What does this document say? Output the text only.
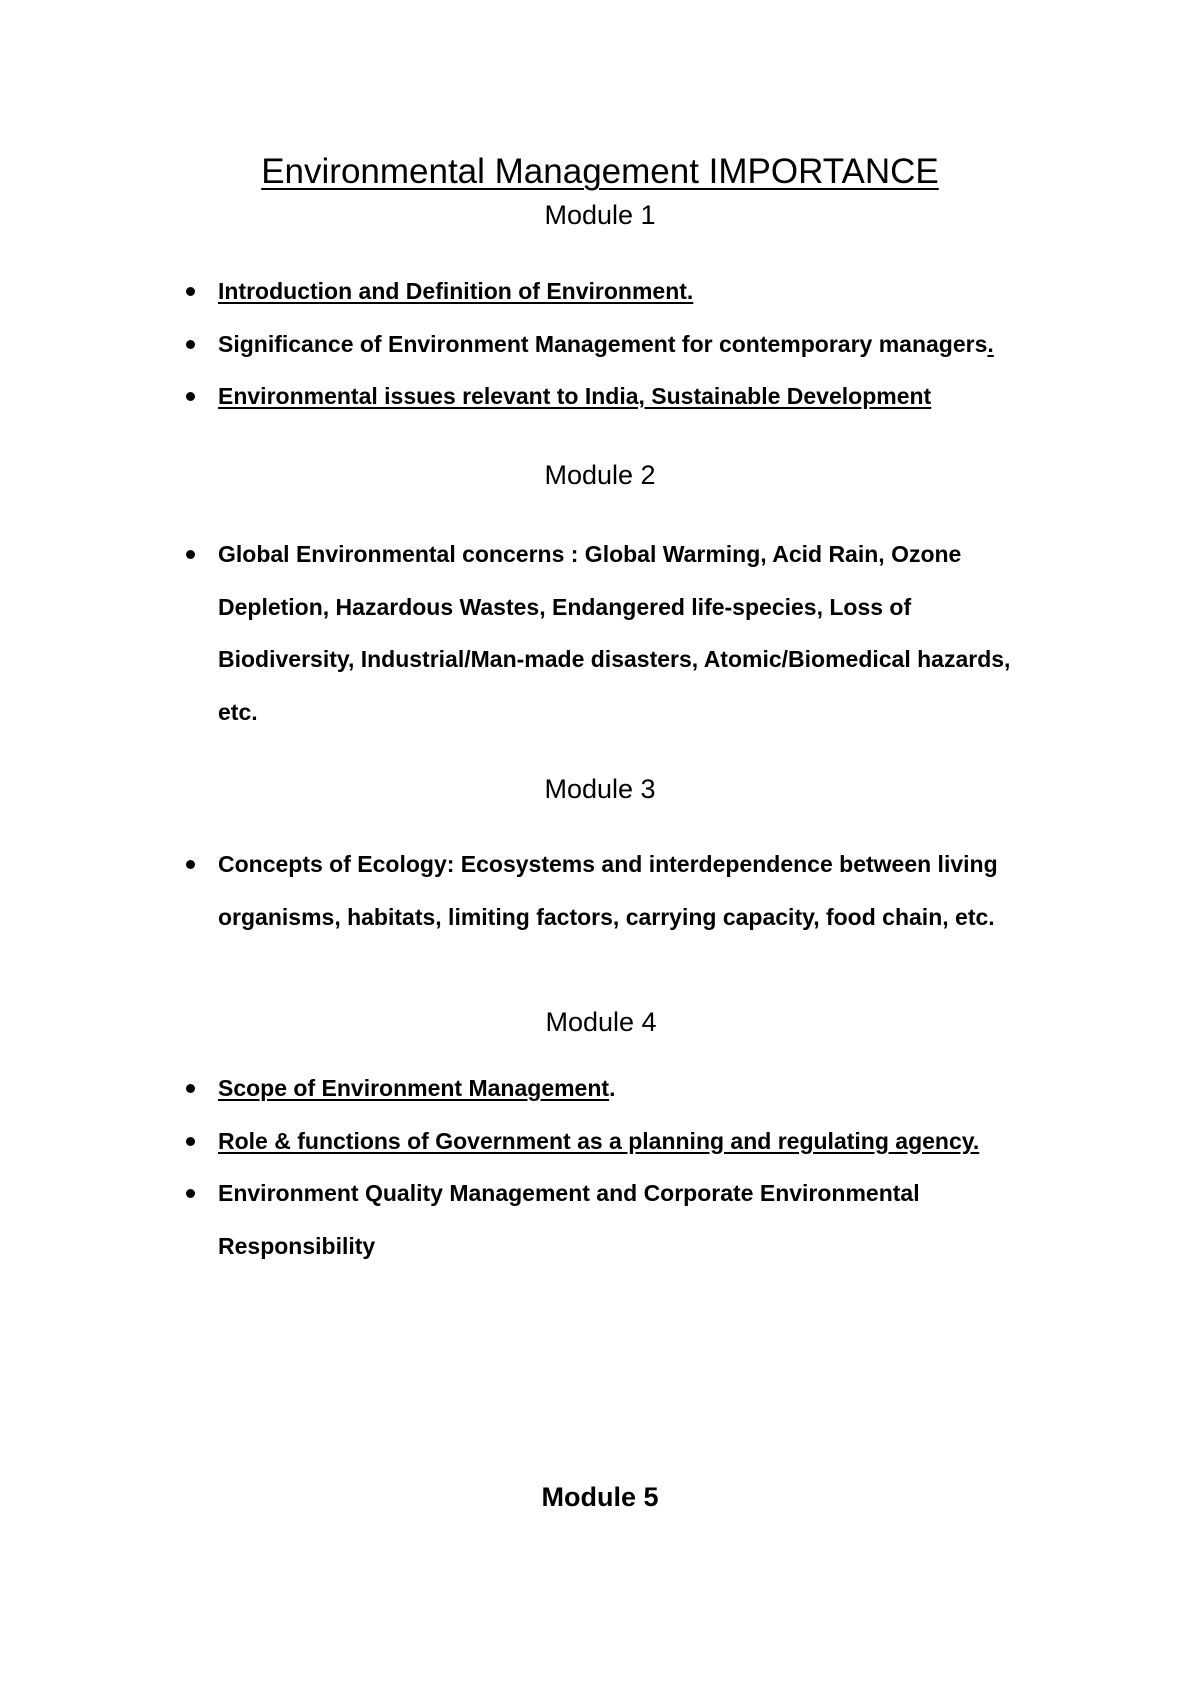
Environmental Management IMPORTANCE
Module 1
Introduction and Definition of Environment.
Significance of Environment Management for contemporary managers.
Environmental issues relevant to India, Sustainable Development
Module 2
Global Environmental concerns : Global Warming, Acid Rain, Ozone Depletion, Hazardous Wastes, Endangered life-species, Loss of Biodiversity, Industrial/Man-made disasters, Atomic/Biomedical hazards, etc.
Module 3
Concepts of Ecology: Ecosystems and interdependence between living organisms, habitats, limiting factors, carrying capacity, food chain, etc.
Module 4
Scope of Environment Management.
Role & functions of Government as a planning and regulating agency.
Environment Quality Management and Corporate Environmental Responsibility
Module 5
